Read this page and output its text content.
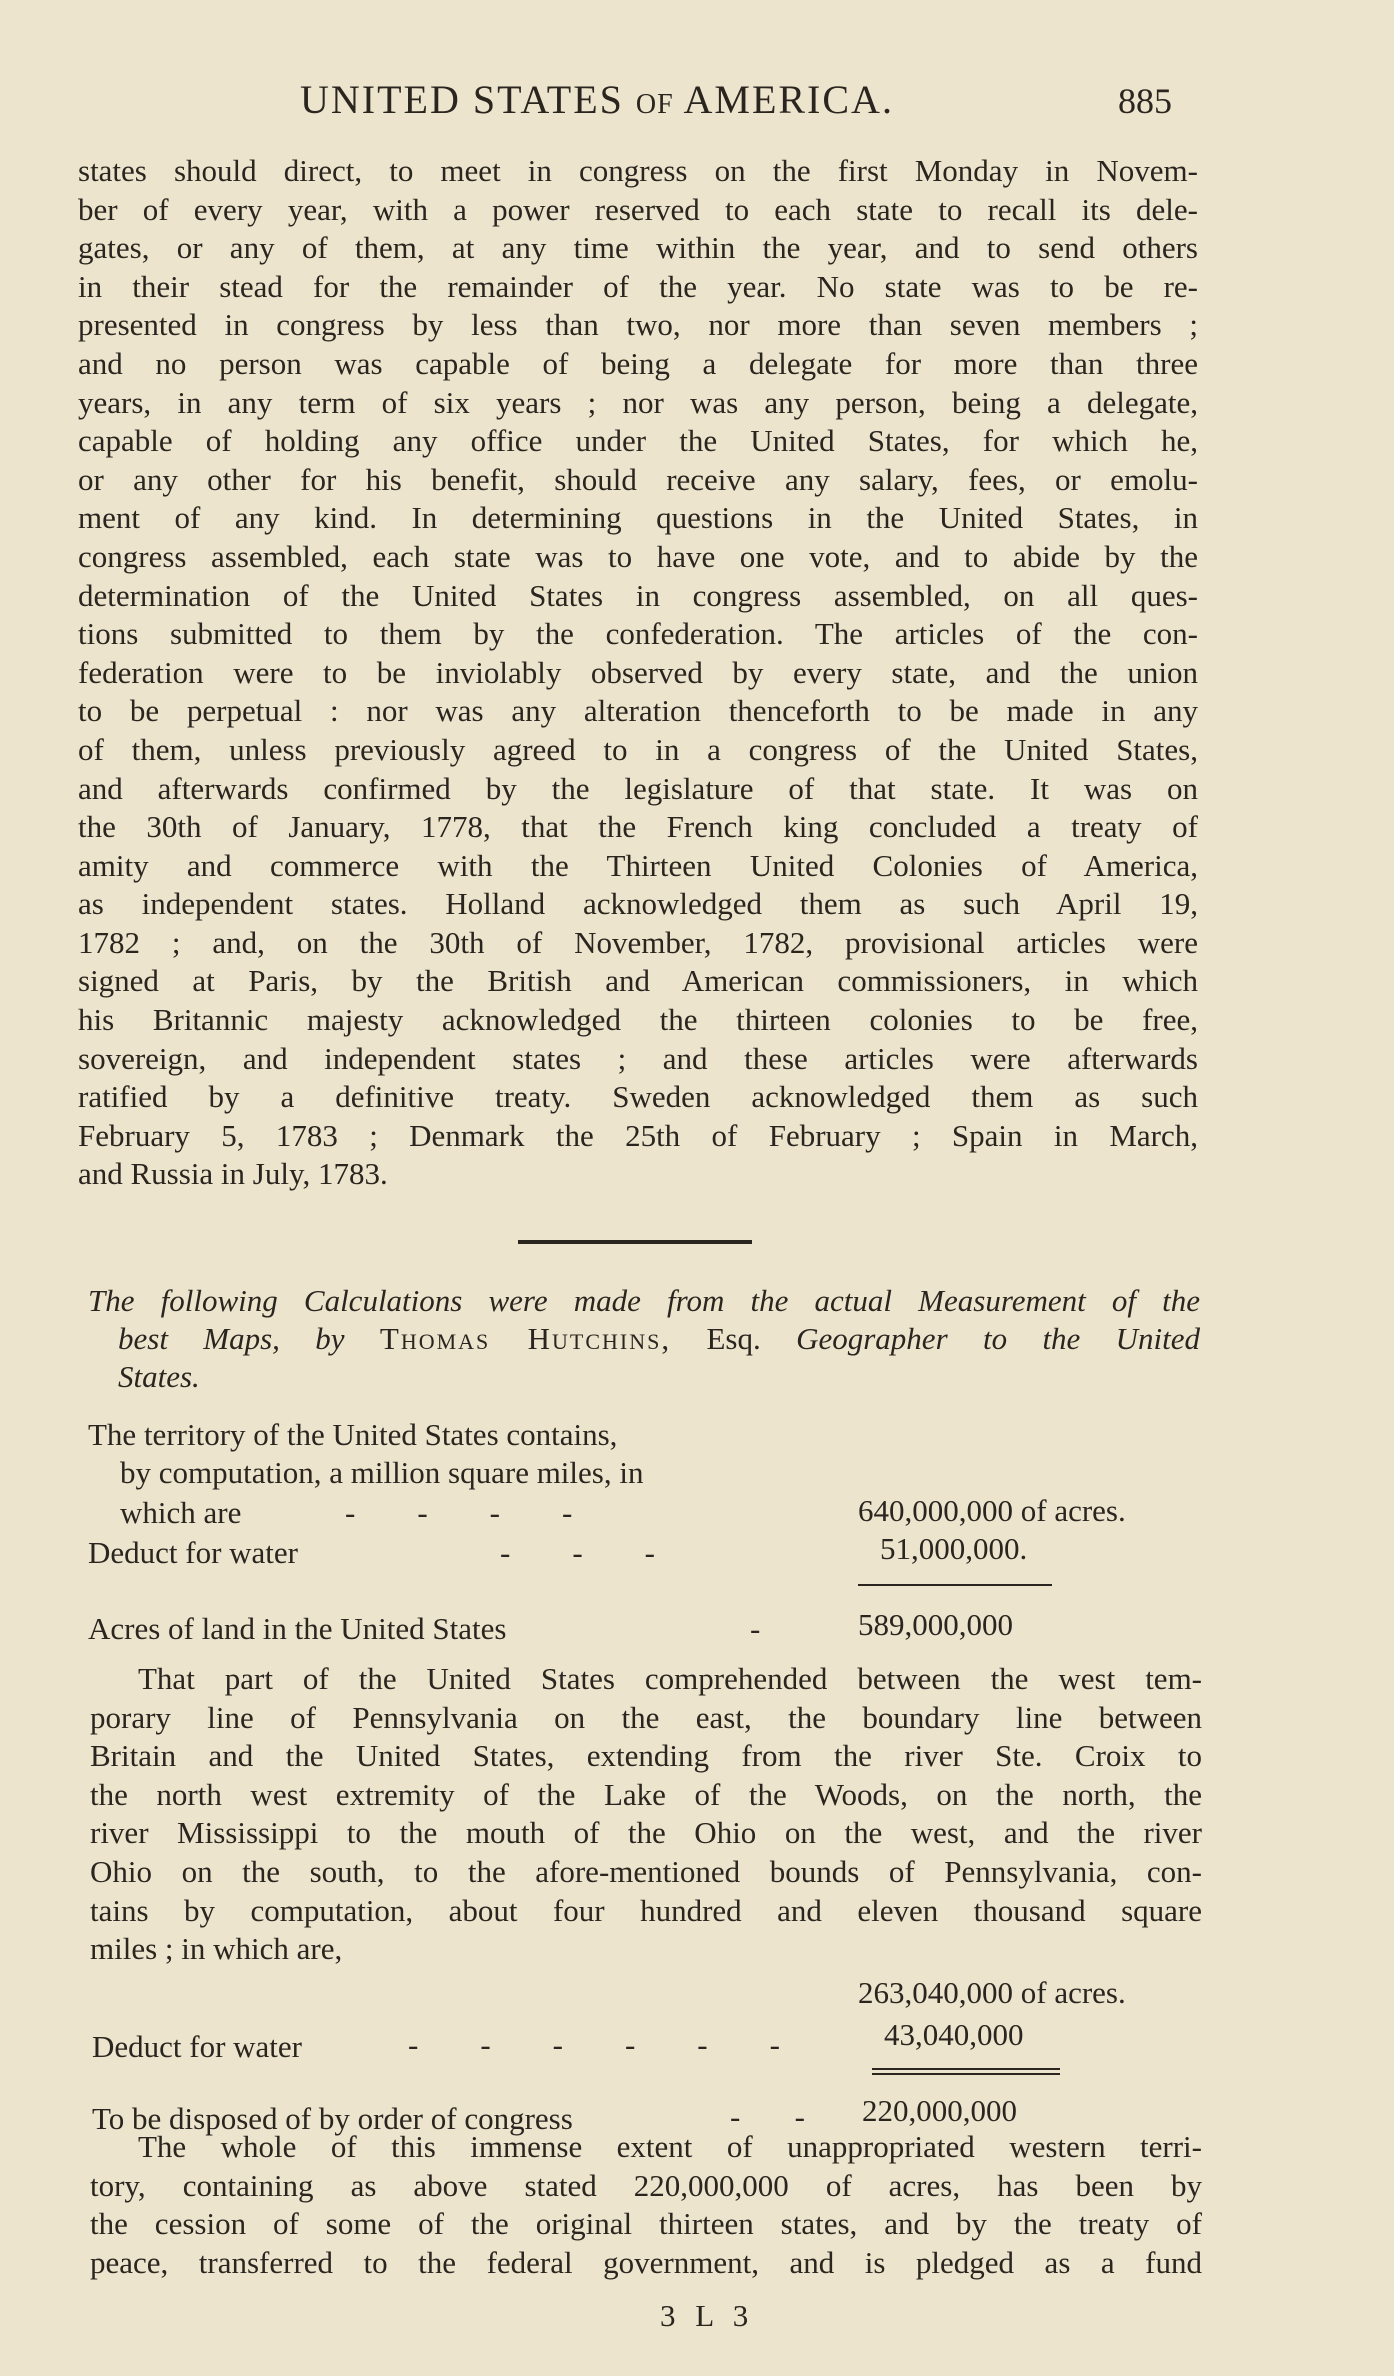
UNITED STATES OF AMERICA.	885
states should direct, to meet in congress on the first Monday in Novem-
ber of every year, with a power reserved to each state to recall its dele-
gates, or any of them, at any time within the year, and to send others
in their stead for the remainder of the year. No state was to be re-
presented in congress by less than two, nor more than seven members ;
and no person was capable of being a delegate for more than three
years, in any term of six years ; nor was any person, being a delegate,
capable of holding any office under the United States, for which he,
or any other for his benefit, should receive any salary, fees, or emolu-
ment of any kind. In determining questions in the United States, in
congress assembled, each state was to have one vote, and to abide by the
determination of the United States in congress assembled, on all ques-
tions submitted to them by the confederation. The articles of the con-
federation were to be inviolably observed by every state, and the union
to be perpetual : nor was any alteration thenceforth to be made in any
of them, unless previously agreed to in a congress of the United States,
and afterwards confirmed by the legislature of that state. It was on
the 30th of January, 1778, that the French king concluded a treaty of
amity and commerce with the Thirteen United Colonies of America,
as independent states. Holland acknowledged them as such April 19,
1782 ; and, on the 30th of November, 1782, provisional articles were
signed at Paris, by the British and American commissioners, in which
his Britannic majesty acknowledged the thirteen colonies to be free,
sovereign, and independent states ; and these articles were afterwards
ratified by a definitive treaty. Sweden acknowledged them as such
February 5, 1783 ; Denmark the 25th of February ; Spain in March,
and Russia in July, 1783.
The following Calculations were made from the actual Measurement of the
best Maps, by Thomas Hutchins, Esq. Geographer to the United
States.
The territory of the United States contains,
by computation, a million square miles, in
which are	-        -        -        -	640,000,000 of acres.
Deduct for water	-        -        -	51,000,000.
Acres of land in the United States	-	589,000,000
That part of the United States comprehended between the west tem-
porary line of Pennsylvania on the east, the boundary line between
Britain and the United States, extending from the river Ste. Croix to
the north west extremity of the Lake of the Woods, on the north, the
river Mississippi to the mouth of the Ohio on the west, and the river
Ohio on the south, to the afore-mentioned bounds of Pennsylvania, con-
tains by computation, about four hundred and eleven thousand square
miles ; in which are,
263,040,000 of acres.
Deduct for water	-        -        -        -        -        -	43,040,000
To be disposed of by order of congress	-       - 220,000,000
The whole of this immense extent of unappropriated western terri-
tory, containing as above stated 220,000,000 of acres, has been by
the cession of some of the original thirteen states, and by the treaty of
peace, transferred to the federal government, and is pledged as a fund
3 L 3
